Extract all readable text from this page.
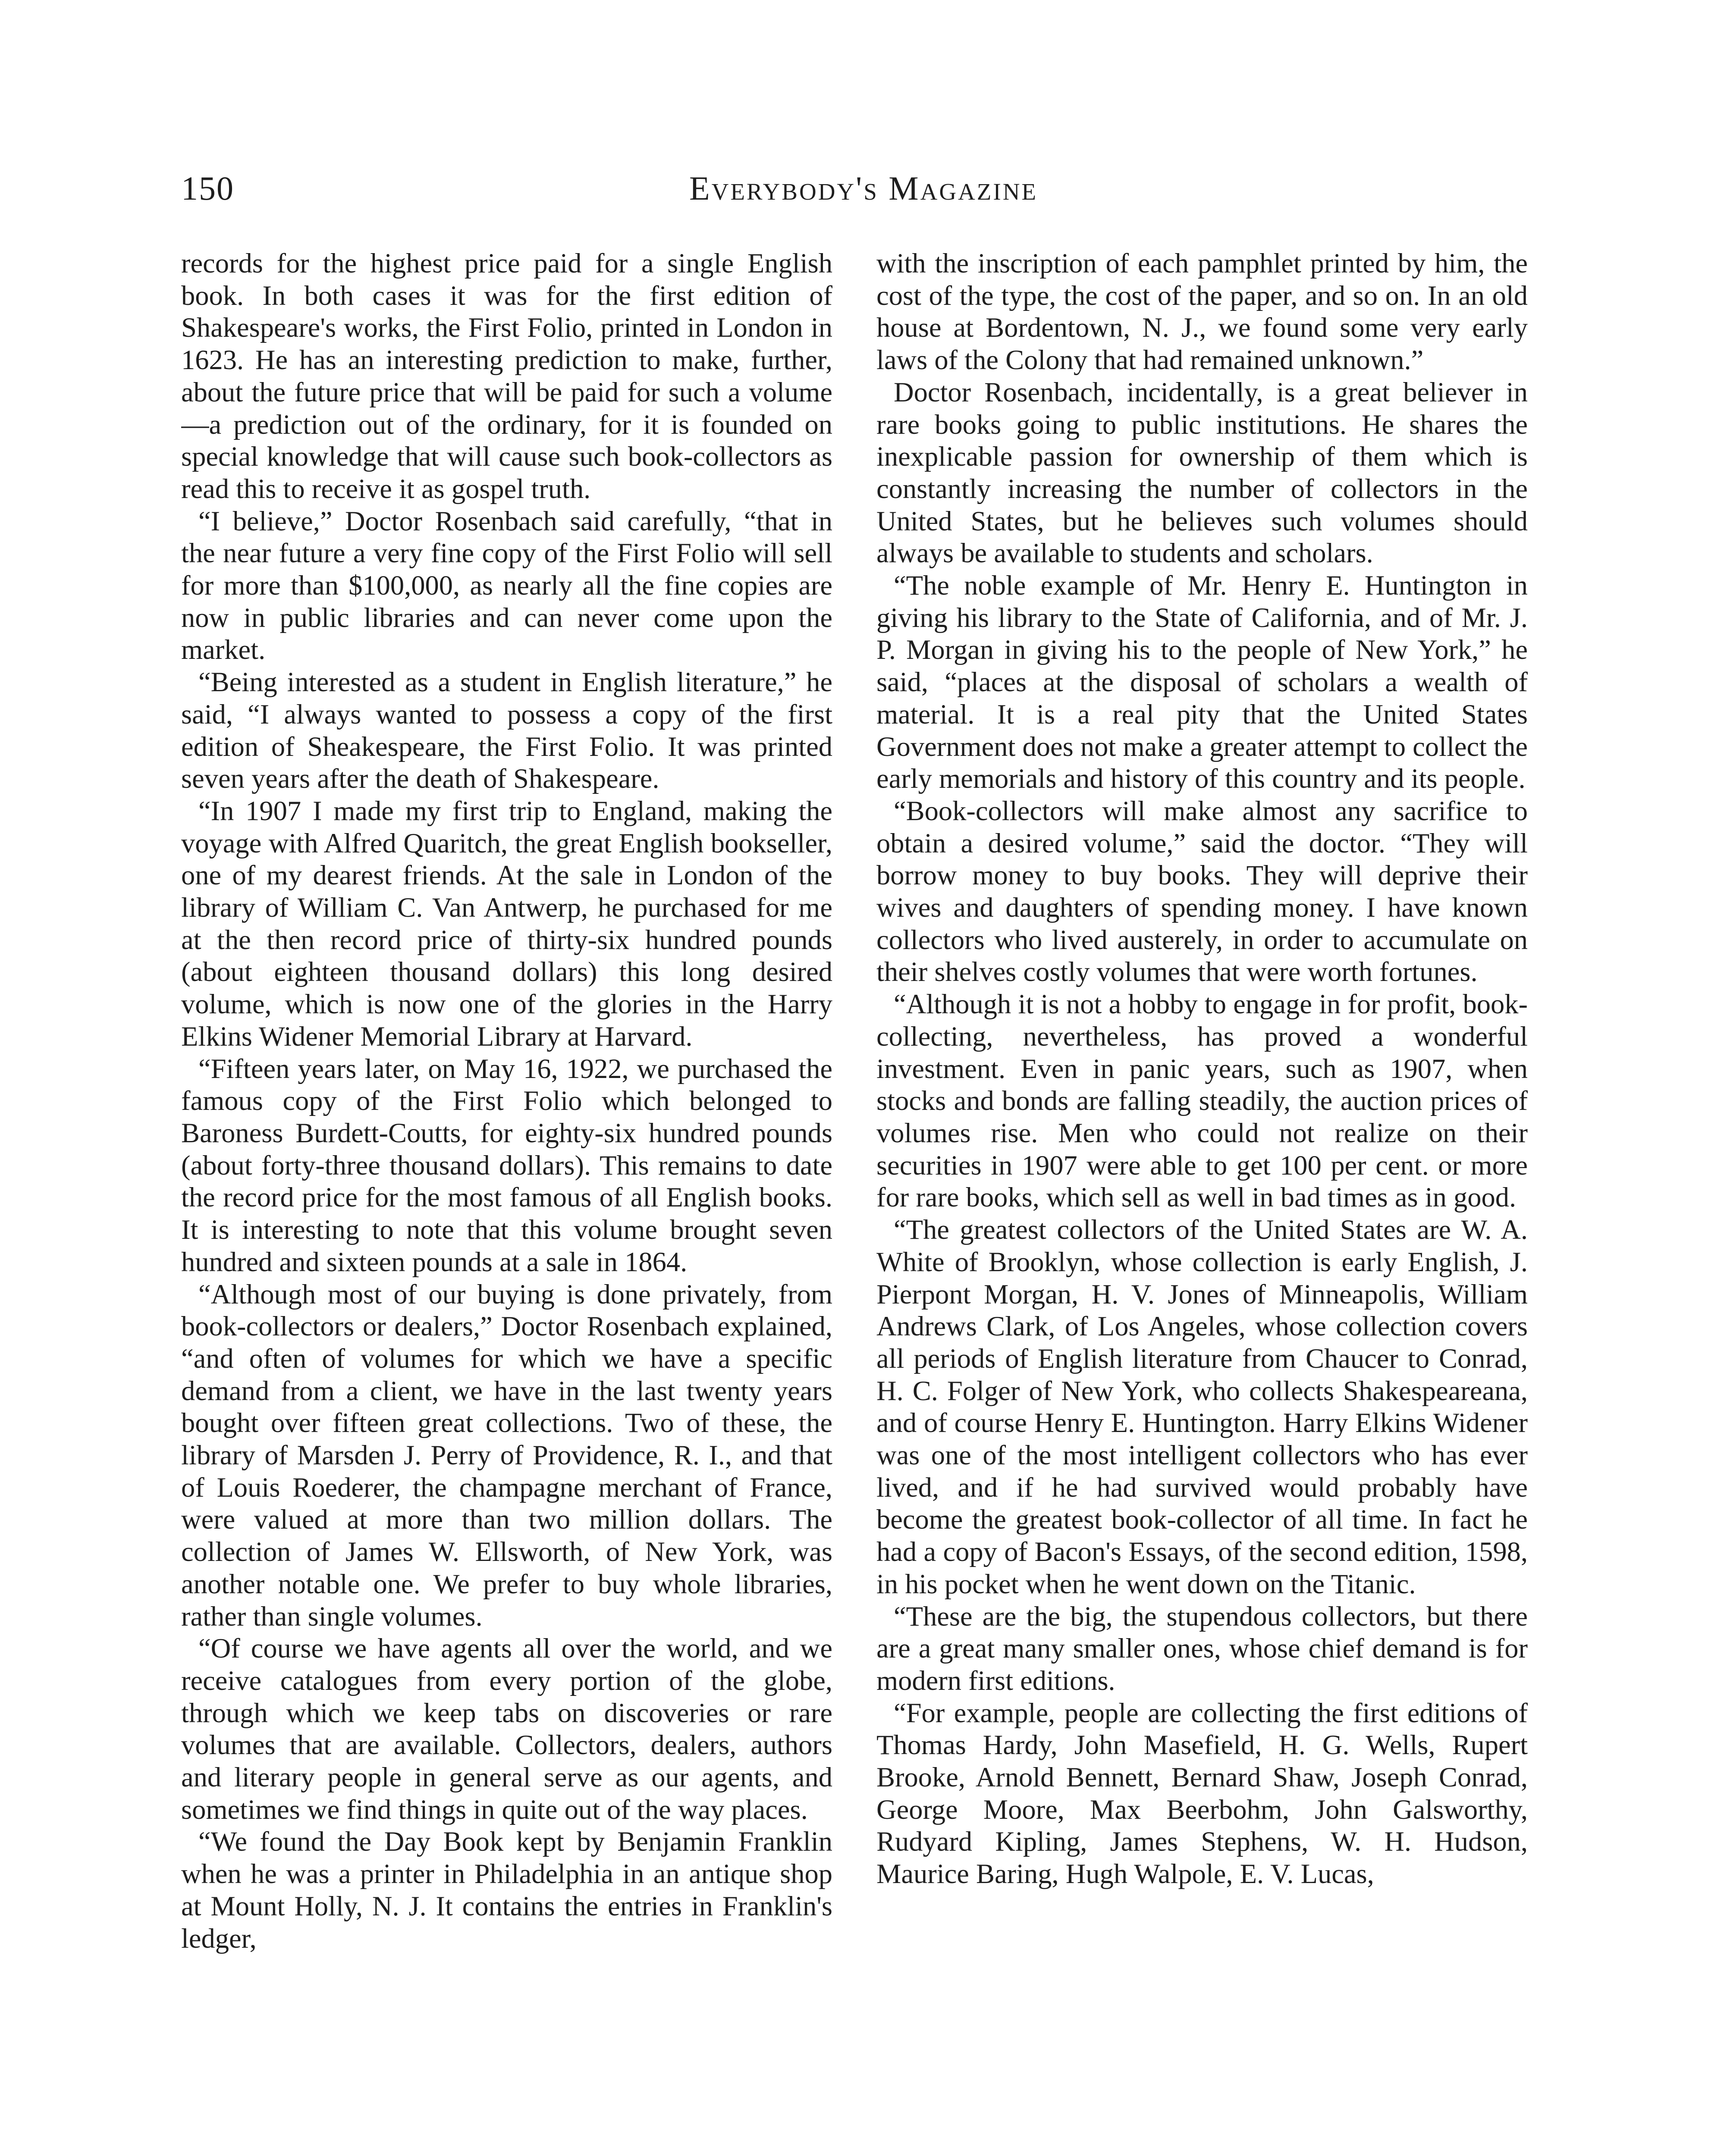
150	Everybody's Magazine

records for the highest price paid for a single English book. In both cases it was for the first edition of Shakespeare's works, the First Folio, printed in London in 1623. He has an interesting prediction to make, further, about the future price that will be paid for such a volume—a prediction out of the ordinary, for it is founded on special knowledge that will cause such book-collectors as read this to receive it as gospel truth.

“I believe,” Doctor Rosenbach said carefully, “that in the near future a very fine copy of the First Folio will sell for more than $100,000, as nearly all the fine copies are now in public libraries and can never come upon the market.

“Being interested as a student in English literature,” he said, “I always wanted to possess a copy of the first edition of Sheakespeare, the First Folio. It was printed seven years after the death of Shakespeare.

“In 1907 I made my first trip to England, making the voyage with Alfred Quaritch, the great English bookseller, one of my dearest friends. At the sale in London of the library of William C. Van Antwerp, he purchased for me at the then record price of thirty-six hundred pounds (about eighteen thousand dollars) this long desired volume, which is now one of the glories in the Harry Elkins Widener Memorial Library at Harvard.

“Fifteen years later, on May 16, 1922, we purchased the famous copy of the First Folio which belonged to Baroness Burdett-Coutts, for eighty-six hundred pounds (about forty-three thousand dollars). This remains to date the record price for the most famous of all English books. It is interesting to note that this volume brought seven hundred and sixteen pounds at a sale in 1864.

“Although most of our buying is done privately, from book-collectors or dealers,” Doctor Rosenbach explained, “and often of volumes for which we have a specific demand from a client, we have in the last twenty years bought over fifteen great collections. Two of these, the library of Marsden J. Perry of Providence, R. I., and that of Louis Roederer, the champagne merchant of France, were valued at more than two million dollars. The collection of James W. Ellsworth, of New York, was another notable one. We prefer to buy whole libraries, rather than single volumes.

“Of course we have agents all over the world, and we receive catalogues from every portion of the globe, through which we keep tabs on discoveries or rare volumes that are available. Collectors, dealers, authors and literary people in general serve as our agents, and sometimes we find things in quite out of the way places.

“We found the Day Book kept by Benjamin Franklin when he was a printer in Philadelphia in an antique shop at Mount Holly, N. J. It contains the entries in Franklin's ledger,

with the inscription of each pamphlet printed by him, the cost of the type, the cost of the paper, and so on. In an old house at Bordentown, N. J., we found some very early laws of the Colony that had remained unknown.”

Doctor Rosenbach, incidentally, is a great believer in rare books going to public institutions. He shares the inexplicable passion for ownership of them which is constantly increasing the number of collectors in the United States, but he believes such volumes should always be available to students and scholars.

“The noble example of Mr. Henry E. Huntington in giving his library to the State of California, and of Mr. J. P. Morgan in giving his to the people of New York,” he said, “places at the disposal of scholars a wealth of material. It is a real pity that the United States Government does not make a greater attempt to collect the early memorials and history of this country and its people.

“Book-collectors will make almost any sacrifice to obtain a desired volume,” said the doctor. “They will borrow money to buy books. They will deprive their wives and daughters of spending money. I have known collectors who lived austerely, in order to accumulate on their shelves costly volumes that were worth fortunes.

“Although it is not a hobby to engage in for profit, book-collecting, nevertheless, has proved a wonderful investment. Even in panic years, such as 1907, when stocks and bonds are falling steadily, the auction prices of volumes rise. Men who could not realize on their securities in 1907 were able to get 100 per cent. or more for rare books, which sell as well in bad times as in good.

“The greatest collectors of the United States are W. A. White of Brooklyn, whose collection is early English, J. Pierpont Morgan, H. V. Jones of Minneapolis, William Andrews Clark, of Los Angeles, whose collection covers all periods of English literature from Chaucer to Conrad, H. C. Folger of New York, who collects Shakespeareana, and of course Henry E. Huntington. Harry Elkins Widener was one of the most intelligent collectors who has ever lived, and if he had survived would probably have become the greatest book-collector of all time. In fact he had a copy of Bacon's Essays, of the second edition, 1598, in his pocket when he went down on the Titanic.

“These are the big, the stupendous collectors, but there are a great many smaller ones, whose chief demand is for modern first editions.

“For example, people are collecting the first editions of Thomas Hardy, John Masefield, H. G. Wells, Rupert Brooke, Arnold Bennett, Bernard Shaw, Joseph Conrad, George Moore, Max Beerbohm, John Galsworthy, Rudyard Kipling, James Stephens, W. H. Hudson, Maurice Baring, Hugh Walpole, E. V. Lucas,
